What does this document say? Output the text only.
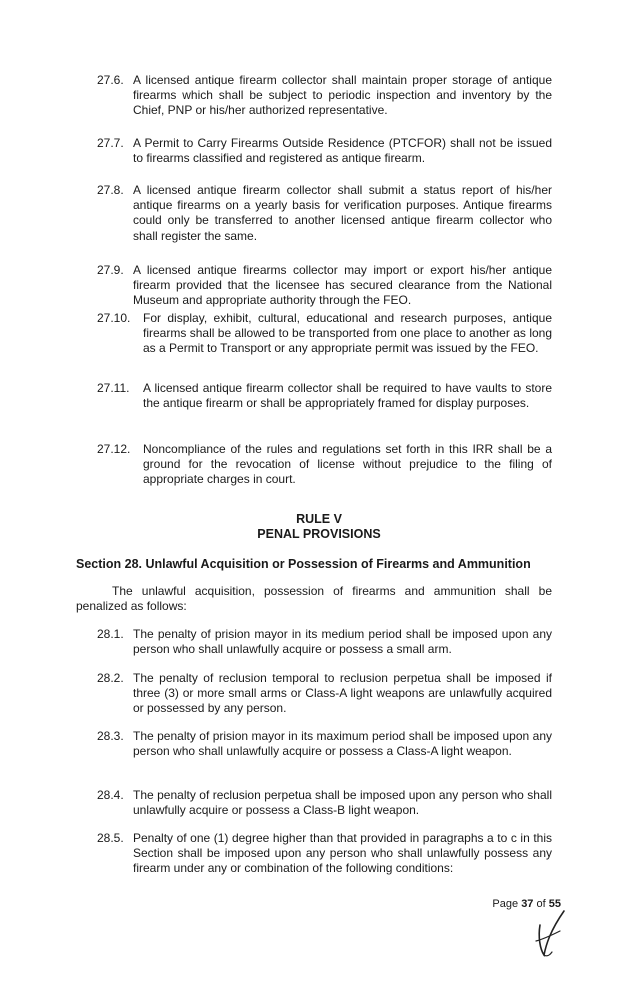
27.6. A licensed antique firearm collector shall maintain proper storage of antique firearms which shall be subject to periodic inspection and inventory by the Chief, PNP or his/her authorized representative.
27.7. A Permit to Carry Firearms Outside Residence (PTCFOR) shall not be issued to firearms classified and registered as antique firearm.
27.8. A licensed antique firearm collector shall submit a status report of his/her antique firearms on a yearly basis for verification purposes. Antique firearms could only be transferred to another licensed antique firearm collector who shall register the same.
27.9. A licensed antique firearms collector may import or export his/her antique firearm provided that the licensee has secured clearance from the National Museum and appropriate authority through the FEO.
27.10. For display, exhibit, cultural, educational and research purposes, antique firearms shall be allowed to be transported from one place to another as long as a Permit to Transport or any appropriate permit was issued by the FEO.
27.11. A licensed antique firearm collector shall be required to have vaults to store the antique firearm or shall be appropriately framed for display purposes.
27.12. Noncompliance of the rules and regulations set forth in this IRR shall be a ground for the revocation of license without prejudice to the filing of appropriate charges in court.
RULE V
PENAL PROVISIONS
Section 28. Unlawful Acquisition or Possession of Firearms and Ammunition
The unlawful acquisition, possession of firearms and ammunition shall be penalized as follows:
28.1. The penalty of prision mayor in its medium period shall be imposed upon any person who shall unlawfully acquire or possess a small arm.
28.2. The penalty of reclusion temporal to reclusion perpetua shall be imposed if three (3) or more small arms or Class-A light weapons are unlawfully acquired or possessed by any person.
28.3. The penalty of prision mayor in its maximum period shall be imposed upon any person who shall unlawfully acquire or possess a Class-A light weapon.
28.4. The penalty of reclusion perpetua shall be imposed upon any person who shall unlawfully acquire or possess a Class-B light weapon.
28.5. Penalty of one (1) degree higher than that provided in paragraphs a to c in this Section shall be imposed upon any person who shall unlawfully possess any firearm under any or combination of the following conditions:
Page 37 of 55
